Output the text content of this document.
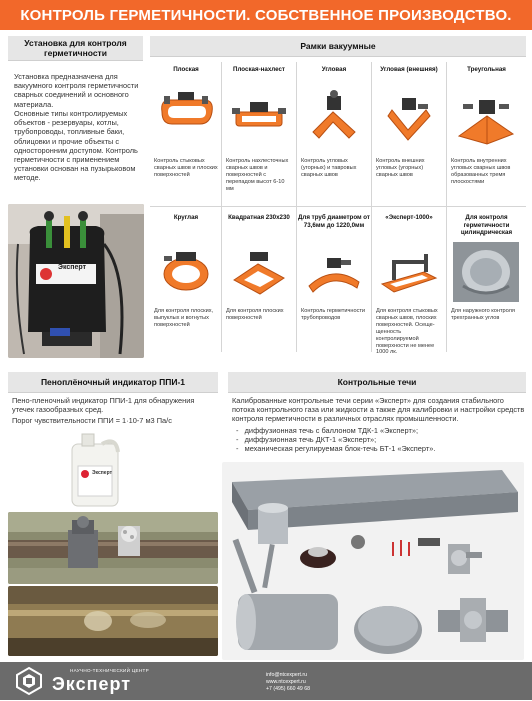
КОНТРОЛЬ ГЕРМЕТИЧНОСТИ. СОБСТВЕННОЕ ПРОИЗВОДСТВО.
Установка для контроля герметичности
Установка предназначена для вакуумного контроля герметичности сварных соединений и основного материала.
Основные типы контролируемых объектов - резервуары, котлы, трубопроводы, топливные баки, облицовки и прочие объекты с односторонним доступом. Контроль герметичности с применением установки основан на пузырьковом методе.
Эксперт
Рамки вакуумные
Плоская
Контроль стыковых сварных швов и плоских поверхностей
Плоская-нахлест
Контроль нахлесточных сварных швов и поверхностей с перепадом высот 6-10 мм
Угловая
Контроль угловых (угорных) и тавровых сварных швов
Угловая (внешняя)
Контроль внешних угловых (угорных) сварных швов
Треугольная
Контроль внутренних угловых сварных швов образованных тремя плоскостями
Круглая
Для контроля плоских, выпуклых и вогнутых поверхностей
Квадратная 230x230
Для контроля плоских поверхностей
Для труб диаметром от 73,6мм до 1220,0мм
Контроль герметичности трубопроводов
«Эксперт-1000»
Для контроля стыковых сварных швов, плоских поверхностей. Осеще-щенность контролируемой поверхности не менее 1000 лк.
Для контроля герметичности цилиндрическая
Для наружного контроля трехгранных углов
Пеноплёночный индикатор ППИ-1
Пено-пленочный индикатор ППИ-1 для обнаружения утечек газообразных сред.
Порог чувствительности ППИ = 1·10-7 м3 Па/с
Эксперт
Контрольные течи
Калиброванные контрольные течи серии «Эксперт» для создания стабильного потока контрольного газа или жидкости а также для калибровки и настройки средств контроля герметичности в различных отраслях промышленности.
-   диффузионная течь с баллоном ТДК-1 «Эксперт»;
-   диффузионная течь ДКТ-1 «Эксперт»;
-   механическая регулируемая блок-течь БТ-1 «Эксперт».
НАУЧНО-ТЕХНИЧЕСКИЙ ЦЕНТР
Эксперт	info@ntcexpert.ru
www.ntcexpert.ru
+7 (495) 660 49 68
